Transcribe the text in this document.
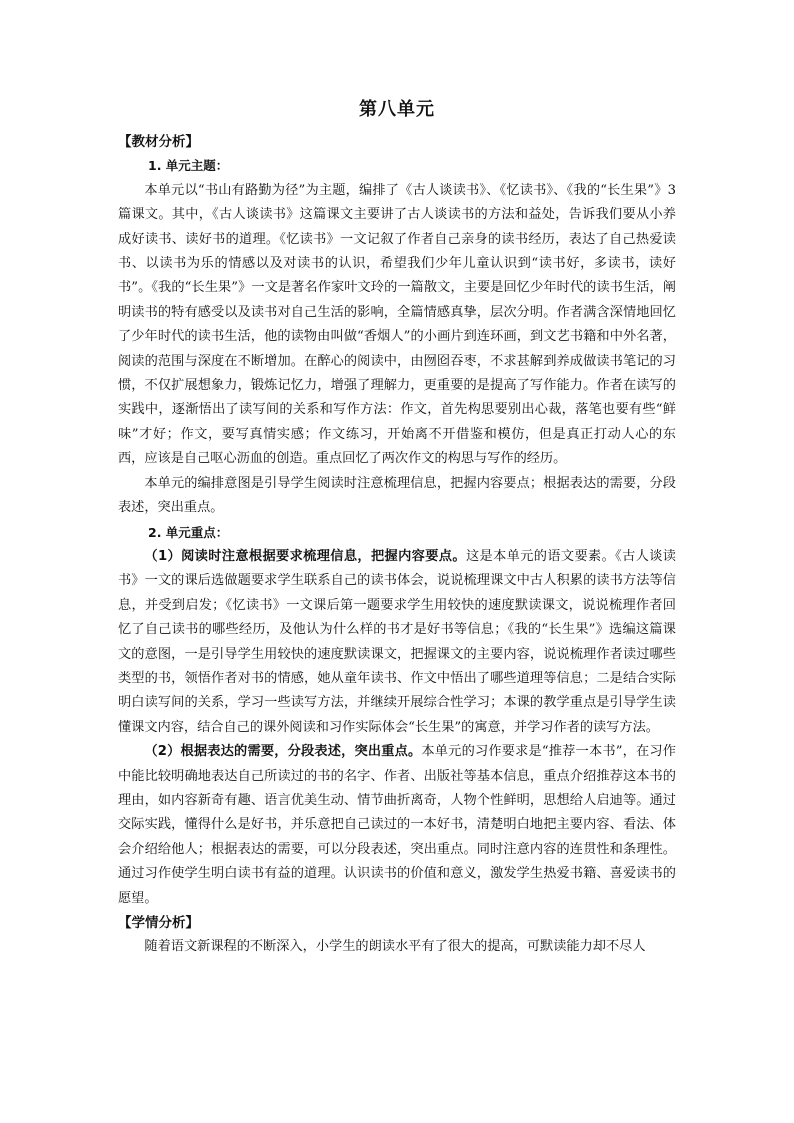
第八单元

【教材分析】

1. 单元主题：

本单元以“书山有路勤为径”为主题，编排了《古人谈读书》、《忆读书》、《我的“长生果”》3篇课文。其中，《古人谈读书》这篇课文主要讲了古人谈读书的方法和益处，告诉我们要从小养成好读书、读好书的道理。《忆读书》一文记叙了作者自己亲身的读书经历，表达了自己热爱读书、以读书为乐的情感以及对读书的认识，希望我们少年儿童认识到“读书好，多读书，读好书”。《我的“长生果”》一文是著名作家叶文玲的一篇散文，主要是回忆少年时代的读书生活，阐明读书的特有感受以及读书对自己生活的影响，全篇情感真挚，层次分明。作者满含深情地回忆了少年时代的读书生活，他的读物由叫做“香烟人”的小画片到连环画，到文艺书籍和中外名著，阅读的范围与深度在不断增加。在醉心的阅读中，由囫囵吞枣，不求甚解到养成做读书笔记的习惯，不仅扩展想象力，锻炼记忆力，增强了理解力，更重要的是提高了写作能力。作者在读写的实践中，逐渐悟出了读写间的关系和写作方法：作文，首先构思要别出心裁，落笔也要有些“鲜味”才好；作文，要写真情实感；作文练习，开始离不开借鉴和模仿，但是真正打动人心的东西，应该是自己呕心沥血的创造。重点回忆了两次作文的构思与写作的经历。

本单元的编排意图是引导学生阅读时注意梳理信息，把握内容要点；根据表达的需要，分段表述，突出重点。

2. 单元重点：

（1）阅读时注意根据要求梳理信息，把握内容要点。这是本单元的语文要素。《古人谈读书》一文的课后选做题要求学生联系自己的读书体会，说说梳理课文中古人积累的读书方法等信息，并受到启发；《忆读书》一文课后第一题要求学生用较快的速度默读课文，说说梳理作者回忆了自己读书的哪些经历，及他认为什么样的书才是好书等信息；《我的“长生果”》选编这篇课文的意图，一是引导学生用较快的速度默读课文，把握课文的主要内容，说说梳理作者读过哪些类型的书，领悟作者对书的情感，她从童年读书、作文中悟出了哪些道理等信息；二是结合实际明白读写间的关系，学习一些读写方法，并继续开展综合性学习；本课的教学重点是引导学生读懂课文内容，结合自己的课外阅读和习作实际体会“长生果”的寓意，并学习作者的读写方法。

（2）根据表达的需要，分段表述，突出重点。本单元的习作要求是“推荐一本书”，在习作中能比较明确地表达自己所读过的书的名字、作者、出版社等基本信息，重点介绍推荐这本书的理由，如内容新奇有趣、语言优美生动、情节曲折离奇，人物个性鲜明，思想给人启迪等。通过交际实践，懂得什么是好书，并乐意把自己读过的一本好书，清楚明白地把主要内容、看法、体会介绍给他人；根据表达的需要，可以分段表述，突出重点。同时注意内容的连贯性和条理性。通过习作使学生明白读书有益的道理。认识读书的价值和意义，激发学生热爱书籍、喜爱读书的愿望。

【学情分析】

随着语文新课程的不断深入，小学生的朗读水平有了很大的提高，可默读能力却不尽人
